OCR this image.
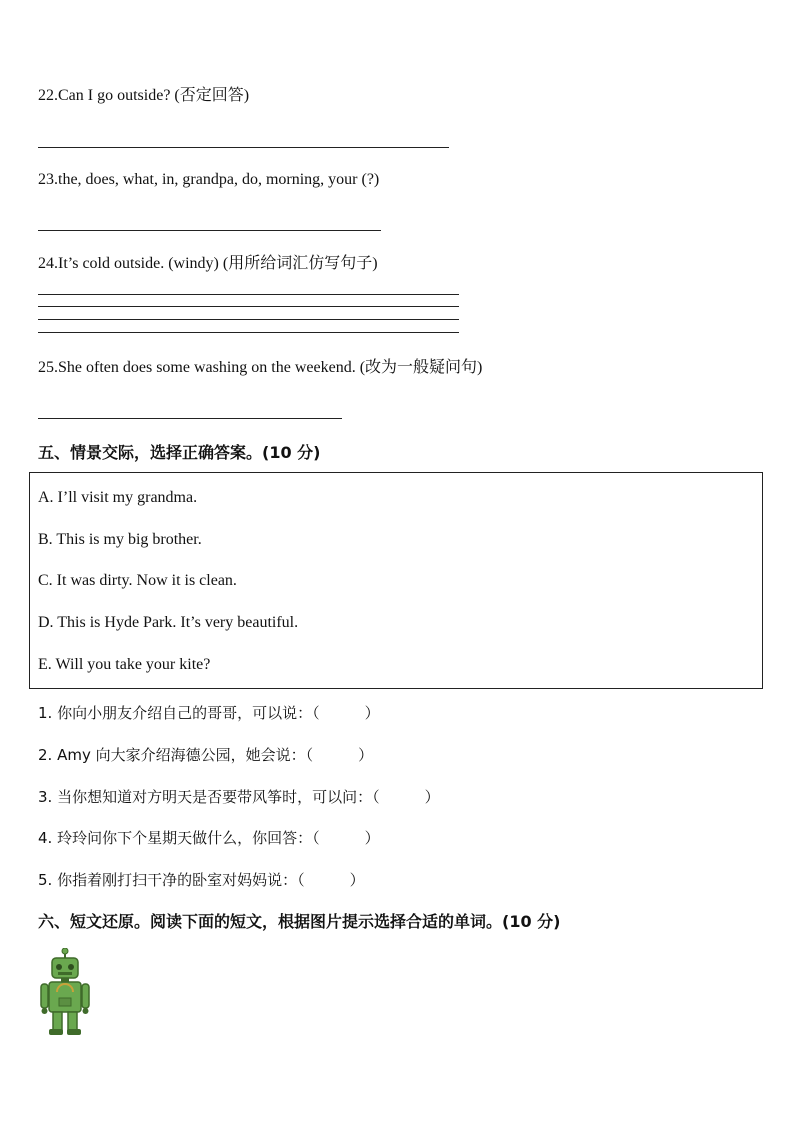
22.Can I go outside? (否定回答)
23.the, does, what, in, grandpa, do, morning, your (?)
24.It’s cold outside. (windy) (用所给词汇仿写句子)
25.She often does some washing on the weekend. (改为一般疑问句)
五、情景交际，选择正确答案。(10 分)
A. I’ll visit my grandma.
B. This is my big brother.
C. It was dirty. Now it is clean.
D. This is Hyde Park. It’s very beautiful.
E. Will you take your kite?
1. 你向小朋友介绍自己的哥哥，可以说：（　　　）
2. Amy 向大家介绍海德公园，她会说：（　　　）
3. 当你想知道对方明天是否要带风筝时，可以问：（　　　）
4. 玲玲问你下个星期天做什么，你回答：（　　　）
5. 你指着刚打扫干净的卧室对妈妈说：（　　　）
六、短文还原。阅读下面的短文，根据图片提示选择合适的单词。(10 分)
